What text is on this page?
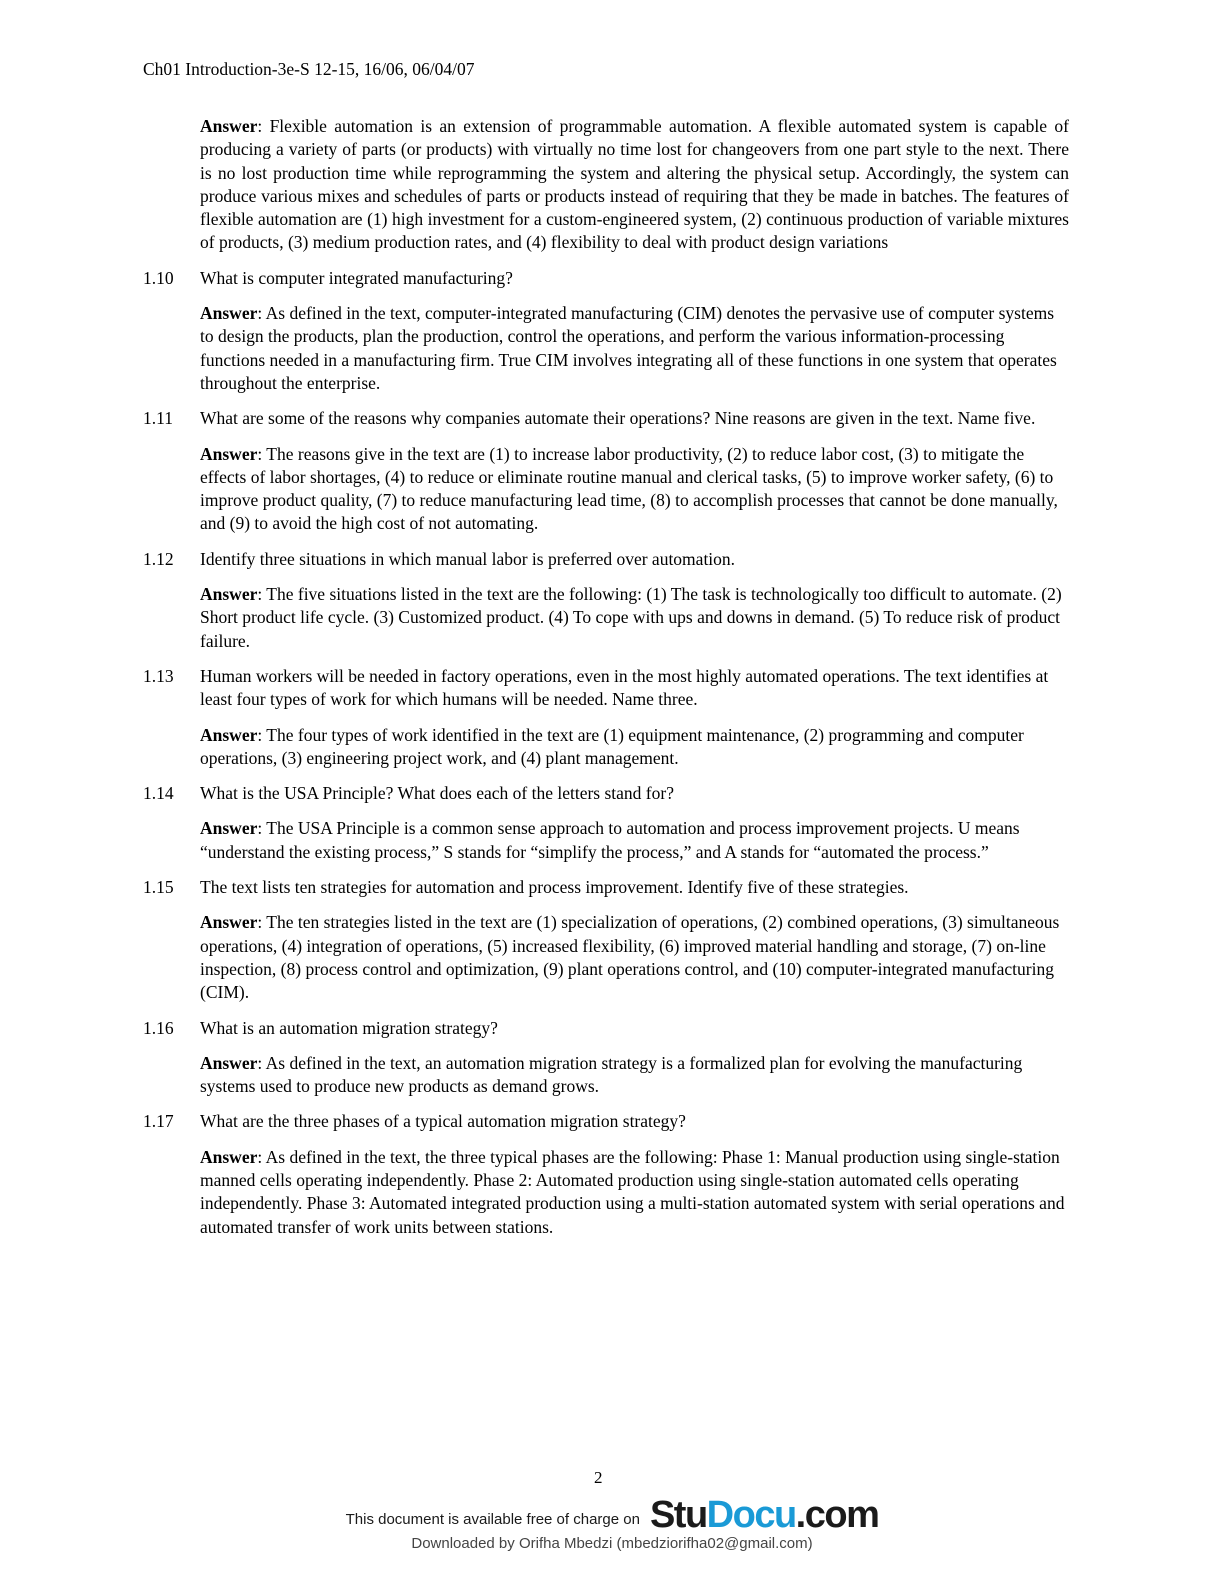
Ch01 Introduction-3e-S 12-15, 16/06, 06/04/07
Answer: Flexible automation is an extension of programmable automation. A flexible automated system is capable of producing a variety of parts (or products) with virtually no time lost for changeovers from one part style to the next. There is no lost production time while reprogramming the system and altering the physical setup. Accordingly, the system can produce various mixes and schedules of parts or products instead of requiring that they be made in batches. The features of flexible automation are (1) high investment for a custom-engineered system, (2) continuous production of variable mixtures of products, (3) medium production rates, and (4) flexibility to deal with product design variations
1.10	What is computer integrated manufacturing?
Answer: As defined in the text, computer-integrated manufacturing (CIM) denotes the pervasive use of computer systems to design the products, plan the production, control the operations, and perform the various information-processing functions needed in a manufacturing firm. True CIM involves integrating all of these functions in one system that operates throughout the enterprise.
1.11	What are some of the reasons why companies automate their operations? Nine reasons are given in the text. Name five.
Answer: The reasons give in the text are (1) to increase labor productivity, (2) to reduce labor cost, (3) to mitigate the effects of labor shortages, (4) to reduce or eliminate routine manual and clerical tasks, (5) to improve worker safety, (6) to improve product quality, (7) to reduce manufacturing lead time, (8) to accomplish processes that cannot be done manually, and (9) to avoid the high cost of not automating.
1.12	Identify three situations in which manual labor is preferred over automation.
Answer: The five situations listed in the text are the following: (1) The task is technologically too difficult to automate. (2) Short product life cycle. (3) Customized product. (4) To cope with ups and downs in demand. (5) To reduce risk of product failure.
1.13	Human workers will be needed in factory operations, even in the most highly automated operations. The text identifies at least four types of work for which humans will be needed. Name three.
Answer: The four types of work identified in the text are (1) equipment maintenance, (2) programming and computer operations, (3) engineering project work, and (4) plant management.
1.14	What is the USA Principle? What does each of the letters stand for?
Answer: The USA Principle is a common sense approach to automation and process improvement projects. U means “understand the existing process,” S stands for “simplify the process,” and A stands for “automated the process.”
1.15	The text lists ten strategies for automation and process improvement. Identify five of these strategies.
Answer: The ten strategies listed in the text are (1) specialization of operations, (2) combined operations, (3) simultaneous operations, (4) integration of operations, (5) increased flexibility, (6) improved material handling and storage, (7) on-line inspection, (8) process control and optimization, (9) plant operations control, and (10) computer-integrated manufacturing (CIM).
1.16	What is an automation migration strategy?
Answer: As defined in the text, an automation migration strategy is a formalized plan for evolving the manufacturing systems used to produce new products as demand grows.
1.17	What are the three phases of a typical automation migration strategy?
Answer: As defined in the text, the three typical phases are the following: Phase 1: Manual production using single-station manned cells operating independently. Phase 2: Automated production using single-station automated cells operating independently. Phase 3: Automated integrated production using a multi-station automated system with serial operations and automated transfer of work units between stations.
2
This document is available free of charge on StuDocu.com
Downloaded by Orifha Mbedzi (mbedziorifha02@gmail.com)
